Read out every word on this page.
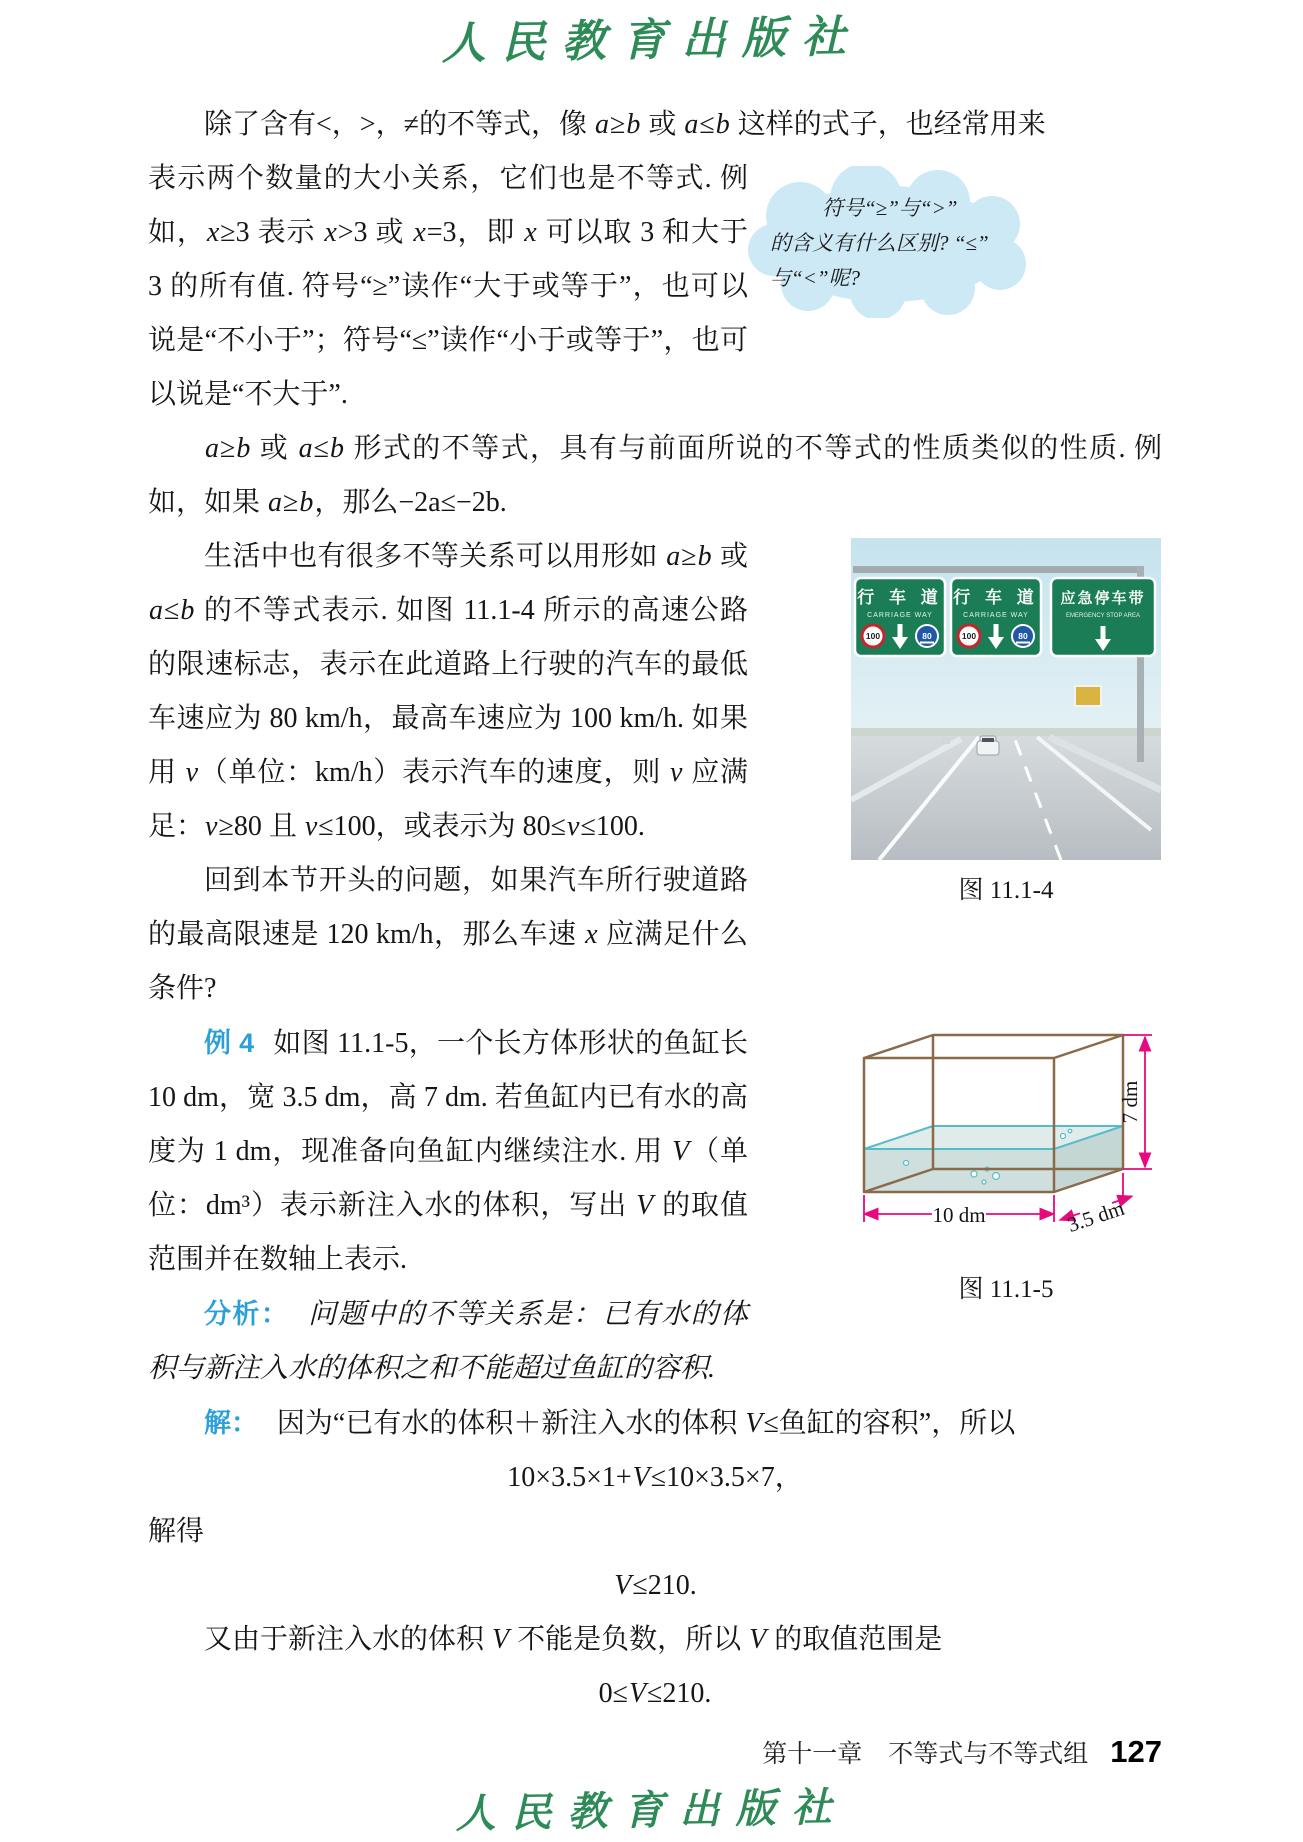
人民教育出版社

除了含有<，>，≠的不等式，像 a≥b 或 a≤b 这样的式子，也经常用来

表示两个数量的大小关系，它们也是不等式. 例如，x≥3 表示 x>3 或 x=3，即 x 可以取 3 和大于 3 的所有值. 符号“≥”读作“大于或等于”，也可以说是“不小于”；符号“≤”读作“小于或等于”，也可以说是“不大于”.

符号“≥”与“>”
的含义有什么区别? “≤”
与“<”呢?

a≥b 或 a≤b 形式的不等式，具有与前面所说的不等式的性质类似的性质. 例如，如果 a≥b，那么−2a≤−2b.

生活中也有很多不等关系可以用形如 a≥b 或 a≤b 的不等式表示. 如图 11.1-4 所示的高速公路的限速标志，表示在此道路上行驶的汽车的最低车速应为 80 km/h，最高车速应为 100 km/h. 如果用 v（单位：km/h）表示汽车的速度，则 v 应满足：v≥80 且 v≤100，或表示为 80≤v≤100.

回到本节开头的问题，如果汽车所行驶道路的最高限速是 120 km/h，那么车速 x 应满足什么条件?

行 车 道
CARRIAGE WAY
100	80
行 车 道
CARRIAGE WAY
100	80
应急停车带
EMERGENCY STOP AREA
图 11.1-4

例 4 如图 11.1-5，一个长方体形状的鱼缸长 10 dm，宽 3.5 dm，高 7 dm. 若鱼缸内已有水的高度为 1 dm，现准备向鱼缸内继续注水. 用 V（单位：dm³）表示新注入水的体积，写出 V 的取值范围并在数轴上表示.

分析： 问题中的不等关系是：已有水的体积与新注入水的体积之和不能超过鱼缸的容积.

10 dm
7 dm
3.5 dm
图 11.1-5

解： 因为“已有水的体积＋新注入水的体积 V≤鱼缸的容积”，所以

10×3.5×1+V≤10×3.5×7，

解得

V≤210.

又由于新注入水的体积 V 不能是负数，所以 V 的取值范围是

0≤V≤210.

第十一章 不等式与不等式组 127
人民教育出版社
